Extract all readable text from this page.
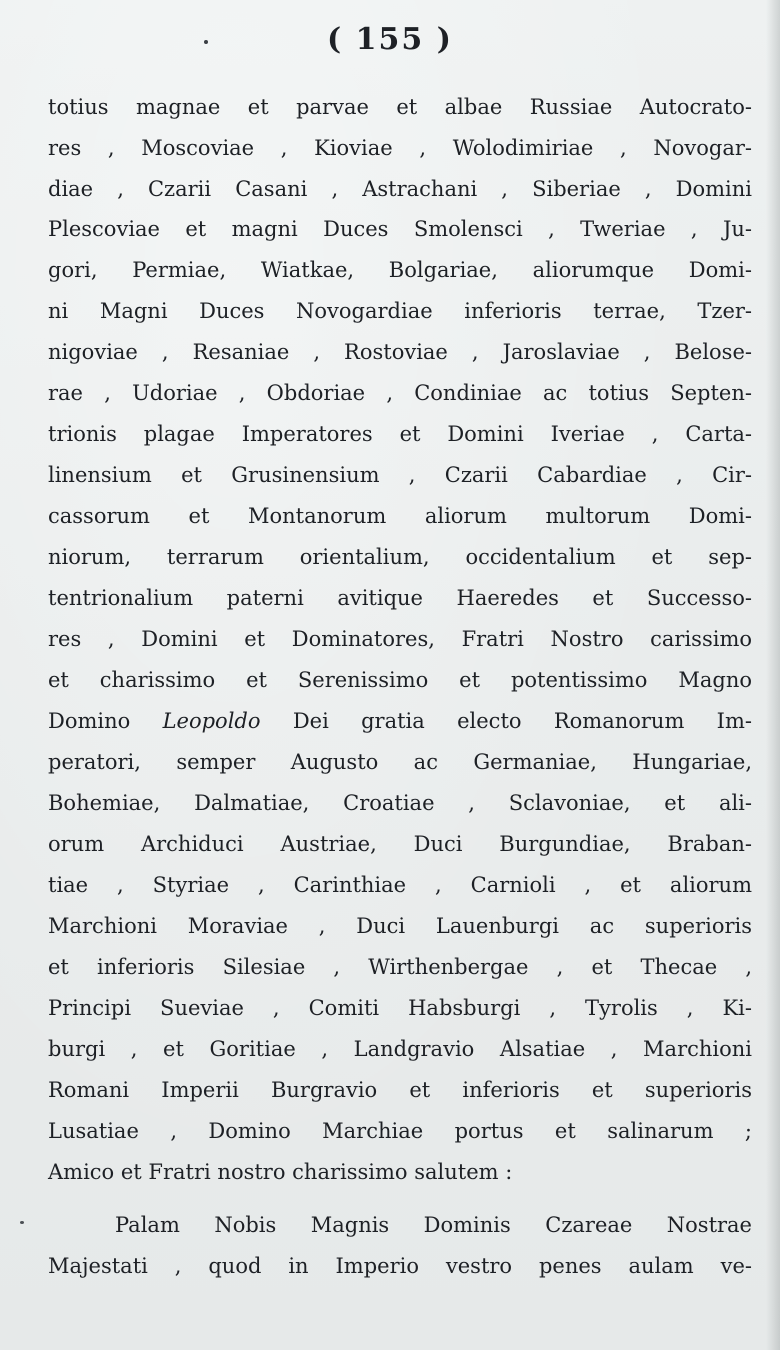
( 155 )
totius magnae et parvae et albae Russiae Autocrato-
res , Moscoviae , Kioviae , Wolodimiriae , Novogar-
diae , Czarii Casani , Astrachani , Siberiae , Domini
Plescoviae et magni Duces Smolensci , Tweriae , Ju-
gori, Permiae, Wiatkae, Bolgariae, aliorumque Domi-
ni Magni Duces Novogardiae inferioris terrae, Tzer-
nigoviae , Resaniae , Rostoviae , Jaroslaviae , Belose-
rae , Udoriae , Obdoriae , Condiniae ac totius Septen-
trionis plagae Imperatores et Domini Iveriae , Carta-
linensium et Grusinensium , Czarii Cabardiae , Cir-
cassorum et Montanorum aliorum multorum Domi-
niorum, terrarum orientalium, occidentalium et sep-
tentrionalium paterni avitique Haeredes et Successo-
res , Domini et Dominatores, Fratri Nostro carissimo
et charissimo et Serenissimo et potentissimo Magno
Domino Leopoldo Dei gratia electo Romanorum Im-
peratori, semper Augusto ac Germaniae, Hungariae,
Bohemiae, Dalmatiae, Croatiae , Sclavoniae, et ali-
orum Archiduci Austriae, Duci Burgundiae, Braban-
tiae , Styriae , Carinthiae , Carnioli , et aliorum
Marchioni Moraviae , Duci Lauenburgi ac superioris
et inferioris Silesiae , Wirthenbergae , et Thecae ,
Principi Sueviae , Comiti Habsburgi , Tyrolis , Ki-
burgi , et Goritiae , Landgravio Alsatiae , Marchioni
Romani Imperii Burgravio et inferioris et superioris
Lusatiae , Domino Marchiae portus et salinarum ;
Amico et Fratri nostro charissimo salutem :
Palam Nobis Magnis Dominis Czareae Nostrae
Majestati , quod in Imperio vestro penes aulam ve-
